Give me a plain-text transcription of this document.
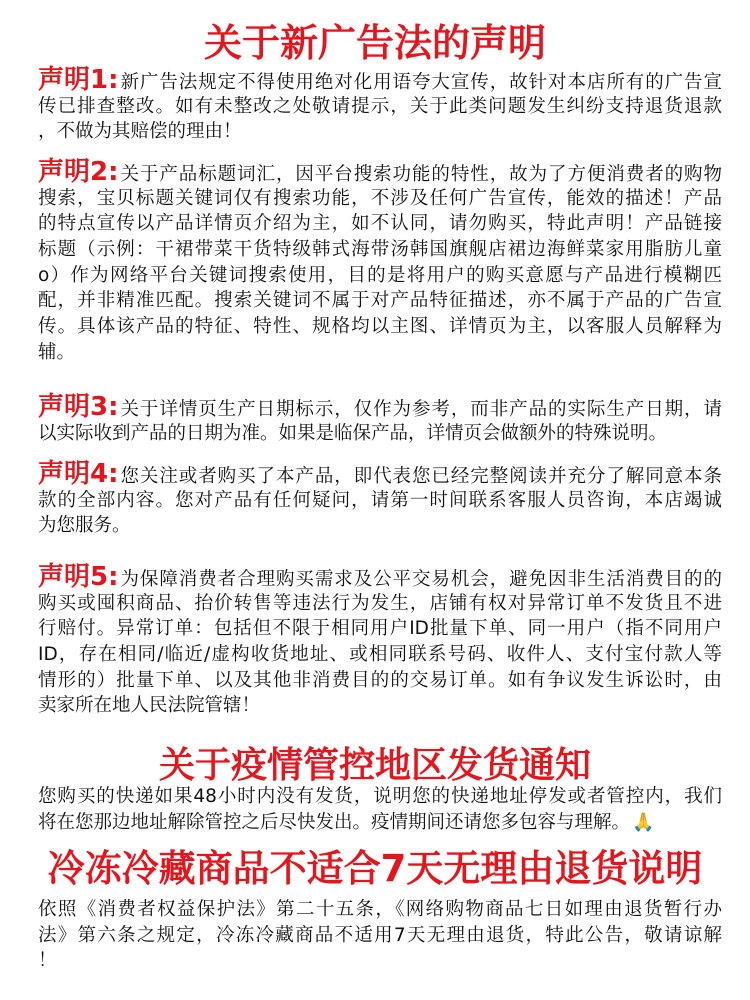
关于新广告法的声明
声明1: 新广告法规定不得使用绝对化用语夸大宣传，故针对本店所有的广告宣
传已排查整改。如有未整改之处敬请提示，关于此类问题发生纠纷支持退货退款
，不做为其赔偿的理由！
声明2: 关于产品标题词汇，因平台搜索功能的特性，故为了方便消费者的购物
搜索，宝贝标题关键词仅有搜索功能，不涉及任何广告宣传，能效的描述！产品
的特点宣传以产品详情页介绍为主，如不认同，请勿购买，特此声明！产品链接
标题（示例：干裙带菜干货特级韩式海带汤韩国旗舰店裙边海鲜菜家用脂肪儿童
o）作为网络平台关键词搜索使用，目的是将用户的购买意愿与产品进行模糊匹
配，并非精准匹配。搜索关键词不属于对产品特征描述，亦不属于产品的广告宣
传。具体该产品的特征、特性、规格均以主图、详情页为主，以客服人员解释为
辅。
声明3: 关于详情页生产日期标示，仅作为参考，而非产品的实际生产日期，请
以实际收到产品的日期为准。如果是临保产品，详情页会做额外的特殊说明。
声明4: 您关注或者购买了本产品，即代表您已经完整阅读并充分了解同意本条
款的全部内容。您对产品有任何疑问，请第一时间联系客服人员咨询，本店竭诚
为您服务。
声明5: 为保障消费者合理购买需求及公平交易机会，避免因非生活消费目的的
购买或囤积商品、抬价转售等违法行为发生，店铺有权对异常订单不发货且不进
行赔付。异常订单：包括但不限于相同用户ID批量下单、同一用户（指不同用户
ID，存在相同/临近/虚构收货地址、或相同联系号码、收件人、支付宝付款人等
情形的）批量下单、以及其他非消费目的的交易订单。如有争议发生诉讼时，由
卖家所在地人民法院管辖！
关于疫情管控地区发货通知
您购买的快递如果48小时内没有发货，说明您的快递地址停发或者管控内，我们
将在您那边地址解除管控之后尽快发出。疫情期间还请您多包容与理解。 🙏
冷冻冷藏商品不适合7天无理由退货说明
依照《消费者权益保护法》第二十五条，《网络购物商品七日如理由退货暂行办
法》第六条之规定，冷冻冷藏商品不适用7天无理由退货，特此公告，敬请谅解
！
